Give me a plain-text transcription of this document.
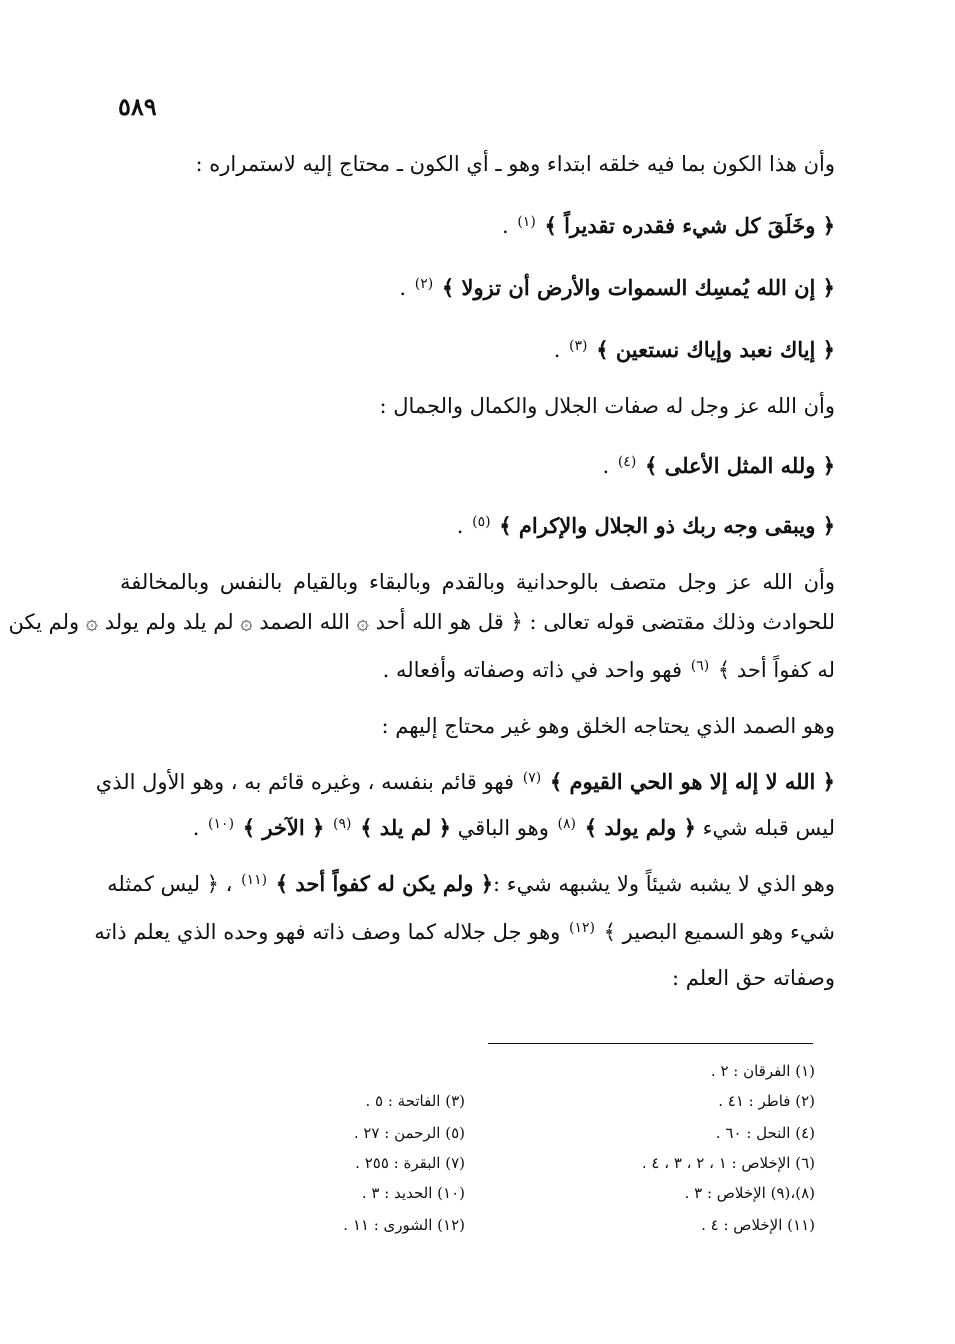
٥٨٩
وأن هذا الكون بما فيه خلقه ابتداء وهو ـ أي الكون ـ محتاج إليه لاستمراره :
﴿ وخَلَقَ كل شيء فقدره تقديراً ﴾ $^{(١)}$ .
﴿ إن الله يُمسِك السموات والأرض أن تزولا ﴾ $^{(٢)}$ .
﴿ إياك نعبد وإياك نستعين ﴾ $^{(٣)}$ .
وأن الله عز وجل له صفات الجلال والكمال والجمال :
﴿ ولله المثل الأعلى ﴾ $^{(٤)}$ .
﴿ ويبقى وجه ربك ذو الجلال والإكرام ﴾ $^{(٥)}$ .
وأن الله عز وجل متصف بالوحدانية وبالقدم وبالبقاء وبالقيام بالنفس وبالمخالفة
للحوادث وذلك مقتضى قوله تعالى : ﴿ قل هو الله أحد ۞ الله الصمد ۞ لم يلد ولم يولد ۞ ولم يكن
له كفواً أحد ﴾ $^{(٦)}$ فهو واحد في ذاته وصفاته وأفعاله .
وهو الصمد الذي يحتاجه الخلق وهو غير محتاج إليهم :
﴿ الله لا إله إلا هو الحي القيوم ﴾ $^{(٧)}$ فهو قائم بنفسه ، وغيره قائم به ، وهو الأول الذي
ليس قبله شيء ﴿ ولم يولد ﴾ $^{(٨)}$ وهو الباقي ﴿ لم يلد ﴾ $^{(٩)}$ ﴿ الآخر ﴾ $^{(١٠)}$ .
وهو الذي لا يشبه شيئاً ولا يشبهه شيء :﴿ ولم يكن له كفواً أحد ﴾ $^{(١١)}$ ، ﴿ ليس كمثله
شيء وهو السميع البصير ﴾ $^{(١٢)}$ وهو جل جلاله كما وصف ذاته فهو وحده الذي يعلم ذاته
وصفاته حق العلم :
(١) الفرقان : ٢ .
(٢) فاطر : ٤١ .
(٤) النحل : ٦٠ .
(٦) الإخلاص : ١ ، ٢ ، ٣ ، ٤ .
(٨)،(٩) الإخلاص : ٣ .
(١١) الإخلاص : ٤ .
(٣) الفاتحة : ٥ .
(٥) الرحمن : ٢٧ .
(٧) البقرة : ٢٥٥ .
(١٠) الحديد : ٣ .
(١٢) الشورى : ١١ .
